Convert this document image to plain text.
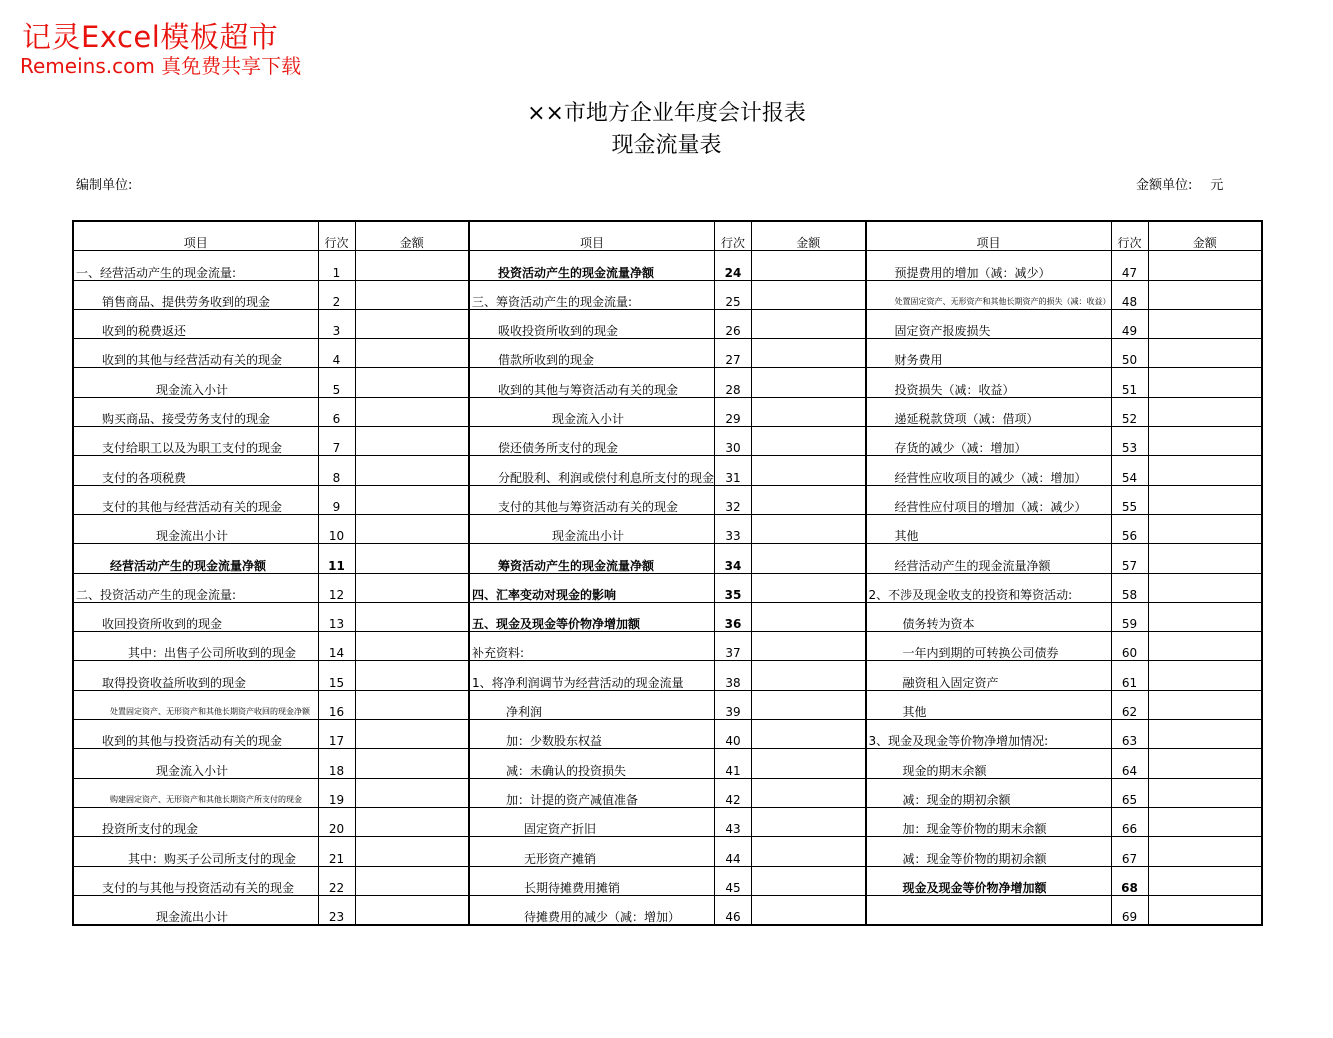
记灵Excel模板超市
Remeins.com 真免费共享下载
××市地方企业年度会计报表
现金流量表
编制单位:	金额单位: 元
项目	行次	金额	项目	行次	金额	项目	行次	金额
一、经营活动产生的现金流量:	1		投资活动产生的现金流量净额	24		预提费用的增加（减：减少）	47	
销售商品、提供劳务收到的现金	2		三、筹资活动产生的现金流量:	25		处置固定资产、无形资产和其他长期资产的损失（减：收益）	48	
收到的税费返还	3		吸收投资所收到的现金	26		固定资产报废损失	49	
收到的其他与经营活动有关的现金	4		借款所收到的现金	27		财务费用	50	
现金流入小计	5		收到的其他与筹资活动有关的现金	28		投资损失（减：收益）	51	
购买商品、接受劳务支付的现金	6		现金流入小计	29		递延税款贷项（减：借项）	52	
支付给职工以及为职工支付的现金	7		偿还债务所支付的现金	30		存货的减少（减：增加）	53	
支付的各项税费	8		分配股利、利润或偿付利息所支付的现金	31		经营性应收项目的减少（减：增加）	54	
支付的其他与经营活动有关的现金	9		支付的其他与筹资活动有关的现金	32		经营性应付项目的增加（减：减少）	55	
现金流出小计	10		现金流出小计	33		其他	56	
经营活动产生的现金流量净额	11		筹资活动产生的现金流量净额	34		经营活动产生的现金流量净额	57	
二、投资活动产生的现金流量:	12		四、汇率变动对现金的影响	35		2、不涉及现金收支的投资和筹资活动:	58	
收回投资所收到的现金	13		五、现金及现金等价物净增加额	36		债务转为资本	59	
其中：出售子公司所收到的现金	14		补充资料:	37		一年内到期的可转换公司债券	60	
取得投资收益所收到的现金	15		1、将净利润调节为经营活动的现金流量	38		融资租入固定资产	61	
处置固定资产、无形资产和其他长期资产收回的现金净额	16		净利润	39		其他	62	
收到的其他与投资活动有关的现金	17		加：少数股东权益	40		3、现金及现金等价物净增加情况:	63	
现金流入小计	18		减：未确认的投资损失	41		现金的期末余额	64	
购建固定资产、无形资产和其他长期资产所支付的现金	19		加：计提的资产减值准备	42		减：现金的期初余额	65	
投资所支付的现金	20		固定资产折旧	43		加：现金等价物的期末余额	66	
其中：购买子公司所支付的现金	21		无形资产摊销	44		减：现金等价物的期初余额	67	
支付的与其他与投资活动有关的现金	22		长期待摊费用摊销	45		现金及现金等价物净增加额	68	
现金流出小计	23		待摊费用的减少（减：增加）	46			69	
